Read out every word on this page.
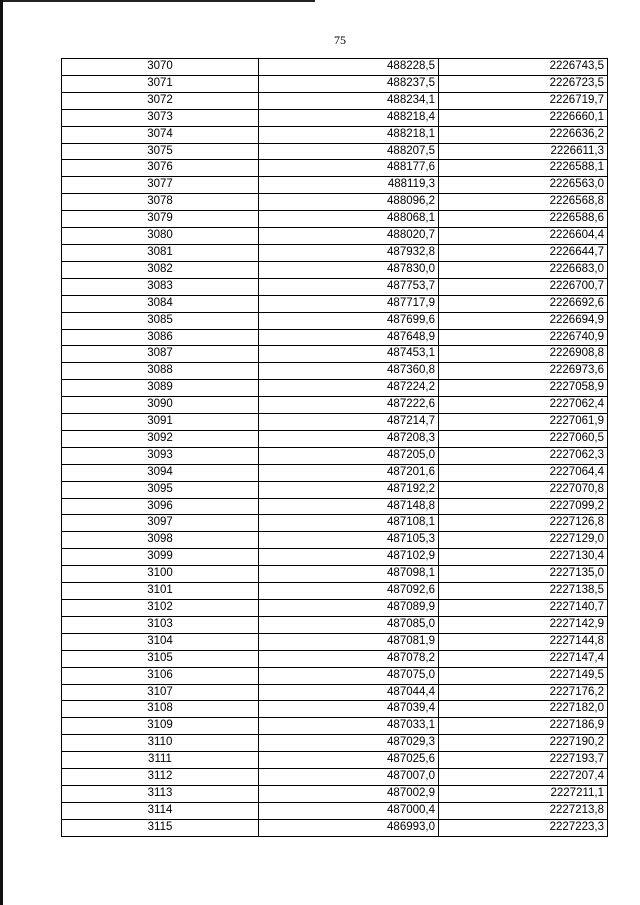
75
3070	488228,5	2226743,5
3071	488237,5	2226723,5
3072	488234,1	2226719,7
3073	488218,4	2226660,1
3074	488218,1	2226636,2
3075	488207,5	2226611,3
3076	488177,6	2226588,1
3077	488119,3	2226563,0
3078	488096,2	2226568,8
3079	488068,1	2226588,6
3080	488020,7	2226604,4
3081	487932,8	2226644,7
3082	487830,0	2226683,0
3083	487753,7	2226700,7
3084	487717,9	2226692,6
3085	487699,6	2226694,9
3086	487648,9	2226740,9
3087	487453,1	2226908,8
3088	487360,8	2226973,6
3089	487224,2	2227058,9
3090	487222,6	2227062,4
3091	487214,7	2227061,9
3092	487208,3	2227060,5
3093	487205,0	2227062,3
3094	487201,6	2227064,4
3095	487192,2	2227070,8
3096	487148,8	2227099,2
3097	487108,1	2227126,8
3098	487105,3	2227129,0
3099	487102,9	2227130,4
3100	487098,1	2227135,0
3101	487092,6	2227138,5
3102	487089,9	2227140,7
3103	487085,0	2227142,9
3104	487081,9	2227144,8
3105	487078,2	2227147,4
3106	487075,0	2227149,5
3107	487044,4	2227176,2
3108	487039,4	2227182,0
3109	487033,1	2227186,9
3110	487029,3	2227190,2
3111	487025,6	2227193,7
3112	487007,0	2227207,4
3113	487002,9	2227211,1
3114	487000,4	2227213,8
3115	486993,0	2227223,3
